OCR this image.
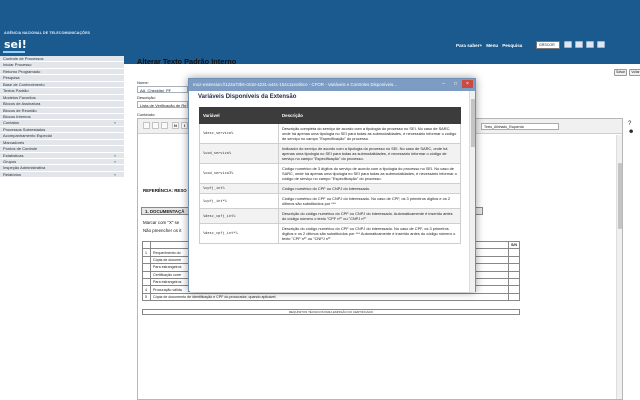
AGÊNCIA NACIONAL DE TELECOMUNICAÇÕES
sei!	Para saber+ Menu Pesquisa	GRSCOR
Controle de Processos
Iniciar Processo
Retorno Programado
Pesquisa
Base de Conhecimento
Textos Padrão
Modelos Favoritos
Blocos de Assinatura
Blocos de Reunião
Blocos Internos
Contatos	»
Processos Sobrestados
Acompanhamento Especial
Marcadores
Pontos de Controle
Estatísticas	»
Grupos	»
Inspeção Administrativa
Relatórios	»
Alterar Texto Padrão Interno
Salvar	Voltar
Nome:
AA_Checklist_PF
Descrição:
Lista de Verificação de Re
Conteúdo:
N	I	Texto_Alinhado_Esquerda	?
☻
REFERÊNCIA: RESO
1. DOCUMENTAÇÃ
Marcar com "X" se
Não preencher os it
		S/N
1	Requerimento do	
	Cópia de docume	
	Para estrangeiros	
	Certificação corre	
	Para estrangeiros	
4	Procuração válida	
5	Cópia de documento de identificação e CPF do procurador, quando aplicável.	
REQUISITOS TÉCNICOS PARA EMISSÃO DO CERTIFICADO
moz-extension://122a73b6-c618-4231-a44c-154c11ec6bce - CFOR - Variáveis e Controles Disponíveis...	–	□	×
Variáveis Disponíveis da Extensão
Variável	Descrição
%desc_servico%	Descrição completa do serviço de acordo com a tipologia do processo no SEI. No caso de SARC, onde há apenas uma tipologia no SEI para todas as submodalidades, é necessário informar o código de serviço no campo "Especificação" do processo.
%cod_servico%	Indicador do serviço de acordo com a tipologia do processo no SEI. No caso de SARC, onde há apenas uma tipologia no SEI para todas as submodalidades, é necessário informar o código de serviço no campo "Especificação" do processo.
%cod_servico3%	Código numérico de 3 dígitos do serviço de acordo com a tipologia do processo no SEI. No caso de SARC, onde há apenas uma tipologia no SEI para todas as submodalidades, é necessário informar o código de serviço no campo "Especificação" do processo.
%cpfj_int%	Código numérico do CPF ou CNPJ do interessado.
%cpfj_int*%	Código numérico do CPF ou CNPJ do interessado. No caso de CPF, os 3 primeiros dígitos e os 2 últimos são substituídos por ***
%desc_cpfj_int%	Descrição do código numérico do CPF ou CNPJ do interessado. Automaticamente é inserido antes do código número o texto "CPF nº" ou "CNPJ nº"
%desc_cpfj_int*%	Descrição do código numérico do CPF ou CNPJ do interessado. No caso de CPF, os 3 primeiros dígitos e os 2 últimos são substituídos por *** Automaticamente é inserido antes do código número o texto "CPF nº" ou "CNPJ nº"
